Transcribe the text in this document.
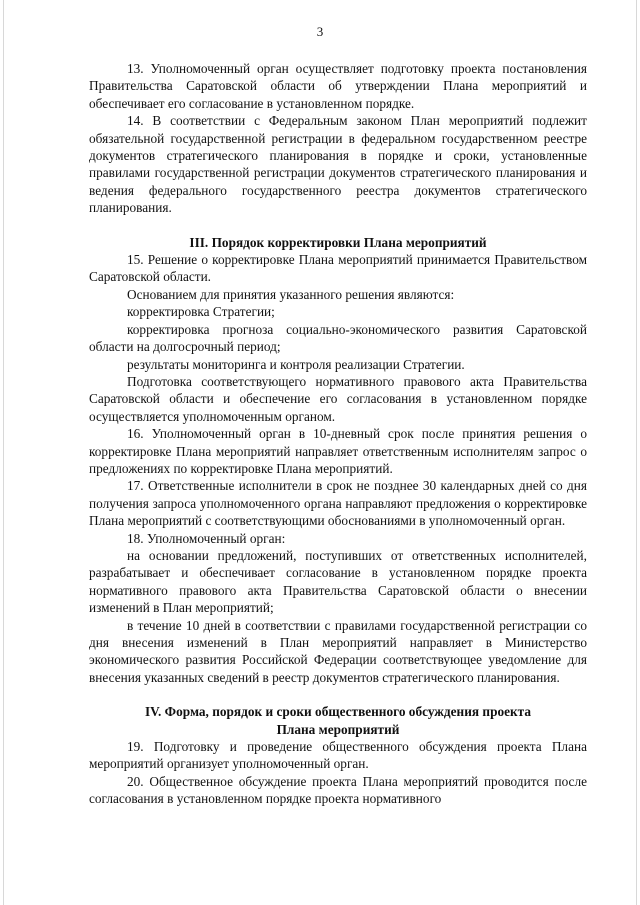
3

13. Уполномоченный орган осуществляет подготовку проекта постановления Правительства Саратовской области об утверждении Плана мероприятий и обеспечивает его согласование в установленном порядке.

14. В соответствии с Федеральным законом План мероприятий подлежит обязательной государственной регистрации в федеральном государственном реестре документов стратегического планирования в порядке и сроки, установленные правилами государственной регистрации документов стратегического планирования и ведения федерального государственного реестра документов стратегического планирования.

III. Порядок корректировки Плана мероприятий

15. Решение о корректировке Плана мероприятий принимается Правительством Саратовской области.

Основанием для принятия указанного решения являются:

корректировка Стратегии;

корректировка прогноза социально-экономического развития Саратовской области на долгосрочный период;

результаты мониторинга и контроля реализации Стратегии.

Подготовка соответствующего нормативного правового акта Правительства Саратовской области и обеспечение его согласования в установленном порядке осуществляется уполномоченным органом.

16. Уполномоченный орган в 10-дневный срок после принятия решения о корректировке Плана мероприятий направляет ответственным исполнителям запрос о предложениях по корректировке Плана мероприятий.

17. Ответственные исполнители в срок не позднее 30 календарных дней со дня получения запроса уполномоченного органа направляют предложения о корректировке Плана мероприятий с соответствующими обоснованиями в уполномоченный орган.

18. Уполномоченный орган:

на основании предложений, поступивших от ответственных исполнителей, разрабатывает и обеспечивает согласование в установленном порядке проекта нормативного правового акта Правительства Саратовской области о внесении изменений в План мероприятий;

в течение 10 дней в соответствии с правилами государственной регистрации со дня внесения изменений в План мероприятий направляет в Министерство экономического развития Российской Федерации соответствующее уведомление для внесения указанных сведений в реестр документов стратегического планирования.

IV. Форма, порядок и сроки общественного обсуждения проекта

Плана мероприятий

19. Подготовку и проведение общественного обсуждения проекта Плана мероприятий организует уполномоченный орган.

20. Общественное обсуждение проекта Плана мероприятий проводится после согласования в установленном порядке проекта нормативного
